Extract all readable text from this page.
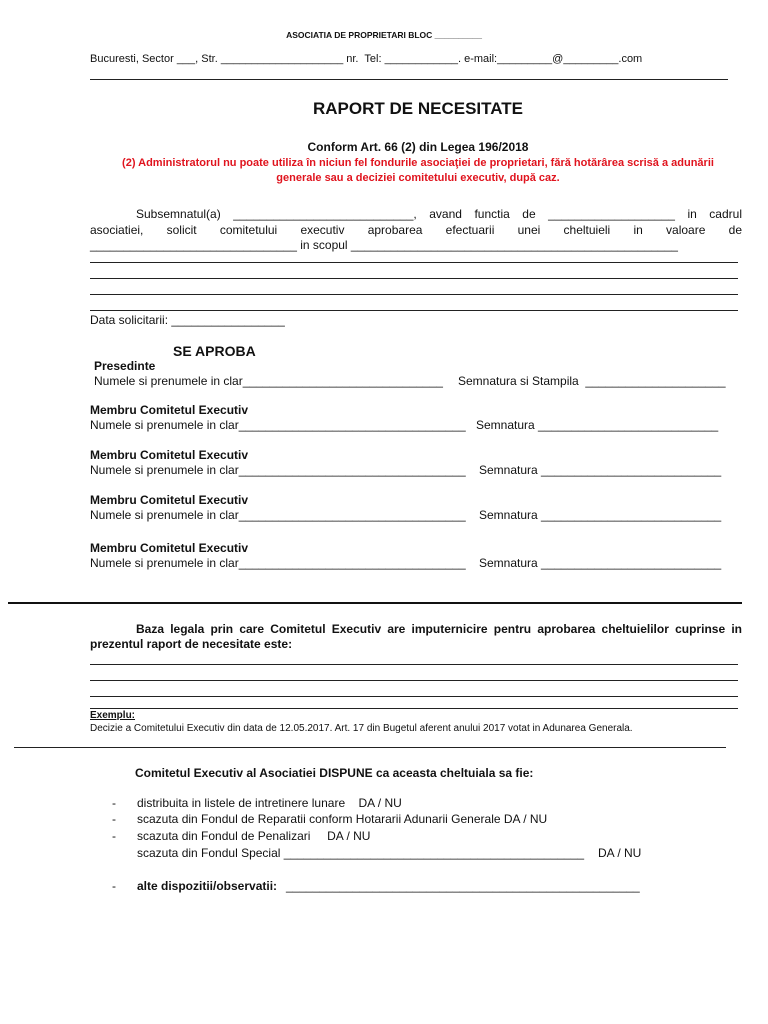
ASOCIATIA DE PROPRIETARI BLOC __________
Bucuresti, Sector ___, Str. ____________________ nr.  Tel: ____________. e-mail:_________@_________.com
RAPORT DE NECESITATE
Conform Art. 66 (2) din Legea 196/2018
(2) Administratorul nu poate utiliza în niciun fel fondurile asociaţiei de proprietari, fără hotărârea scrisă a adunării
generale sau a deciziei comitetului executiv, după caz.
Subsemnatul(a) ___________________________, avand functia de ___________________ in cadrul
asociatiei, solicit comitetului executiv aprobarea efectuarii unei cheltuieli in valoare de
_______________________________ in scopul _________________________________________________
Data solicitarii: _________________
SE APROBA
Presedinte
Numele si prenumele in clar______________________________ Semnatura si Stampila  _____________________
Membru Comitetul Executiv
Numele si prenumele in clar__________________________________ Semnatura ___________________________
Membru Comitetul Executiv
Numele si prenumele in clar__________________________________ Semnatura ___________________________
Membru Comitetul Executiv
Numele si prenumele in clar__________________________________ Semnatura ___________________________
Membru Comitetul Executiv
Numele si prenumele in clar__________________________________ Semnatura ___________________________
Baza legala prin care Comitetul Executiv are imputernicire pentru aprobarea cheltuielilor cuprinse in
prezentul raport de necesitate este:
Exemplu:
Decizie a Comitetului Executiv din data de 12.05.2017. Art. 17 din Bugetul aferent anului 2017 votat in Adunarea Generala.
Comitetul Executiv al Asociatiei DISPUNE ca aceasta cheltuiala sa fie:
- distribuita in listele de intretinere lunare    DA / NU
- scazuta din Fondul de Reparatii conform Hotararii Adunarii Generale DA / NU
- scazuta din Fondul de Penalizari     DA / NU
scazuta din Fondul Special _____________________________________________ DA / NU
- alte dispozitii/observatii: _____________________________________________________
